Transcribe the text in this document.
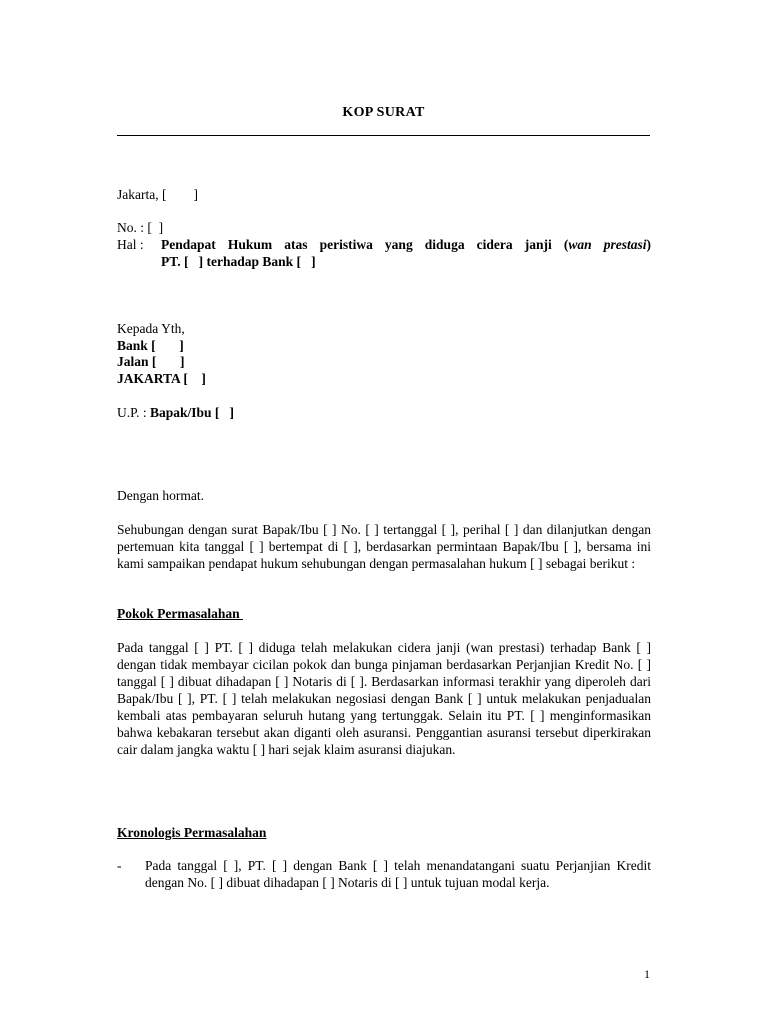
KOP SURAT
Jakarta, [        ]
No. : [  ]
Hal : Pendapat Hukum atas peristiwa yang diduga cidera janji (wan prestasi)
PT. [   ] terhadap Bank [   ]
Kepada Yth,
Bank [       ]
Jalan [       ]
JAKARTA [    ]
U.P. : Bapak/Ibu [   ]
Dengan hormat.
Sehubungan dengan surat Bapak/Ibu [ ] No. [ ] tertanggal [ ], perihal [ ] dan dilanjutkan dengan pertemuan kita tanggal [ ] bertempat di [ ], berdasarkan permintaan Bapak/Ibu [ ], bersama ini kami sampaikan pendapat hukum sehubungan dengan permasalahan hukum [ ] sebagai berikut :
Pokok Permasalahan
Pada tanggal [ ] PT. [ ] diduga telah melakukan cidera janji (wan prestasi) terhadap Bank [ ] dengan tidak membayar cicilan pokok dan bunga pinjaman berdasarkan Perjanjian Kredit No. [ ] tanggal [ ] dibuat dihadapan [ ] Notaris di [ ]. Berdasarkan informasi terakhir yang diperoleh dari Bapak/Ibu [ ], PT. [ ] telah melakukan negosiasi dengan Bank [ ] untuk melakukan penjadualan kembali atas pembayaran seluruh hutang yang tertunggak. Selain itu PT. [ ] menginformasikan bahwa kebakaran tersebut akan diganti oleh asuransi. Penggantian asuransi tersebut diperkirakan cair dalam jangka waktu [ ] hari sejak klaim asuransi diajukan.
Kronologis Permasalahan
- Pada tanggal [ ], PT. [ ] dengan Bank [ ] telah menandatangani suatu Perjanjian Kredit dengan No. [ ] dibuat dihadapan [ ] Notaris di [ ] untuk tujuan modal kerja.
1
